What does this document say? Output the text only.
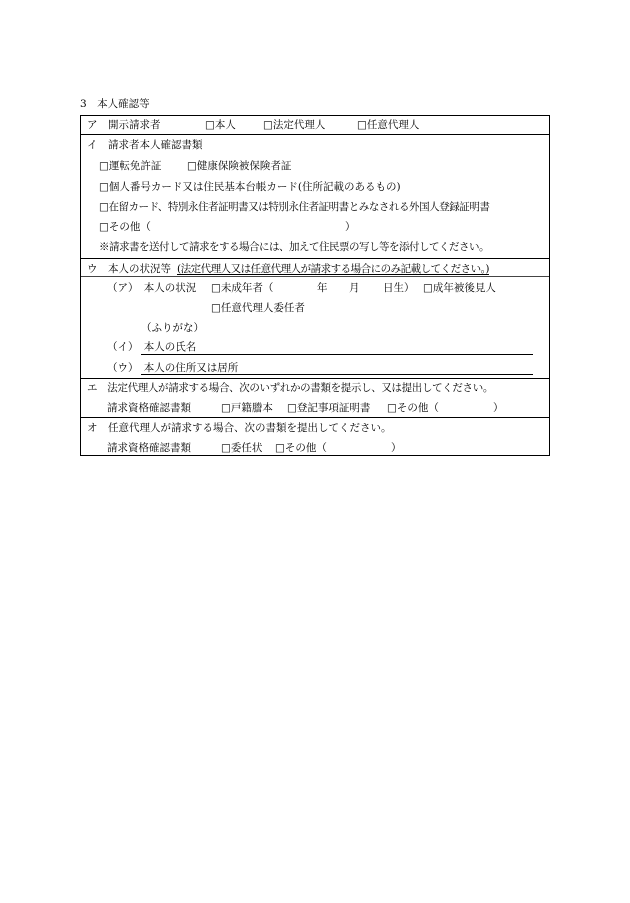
3　本人確認等
ア　開示請求者	□本人	□法定代理人	□任意代理人
イ　請求者本人確認書類
□運転免許証 □健康保険被保険者証
□個人番号カード又は住民基本台帳カード(住所記載のあるもの)
□在留カード、特別永住者証明書又は特別永住者証明書とみなされる外国人登録証明書
□その他（	）
※請求書を送付して請求をする場合には、加えて住民票の写し等を添付してください。
ウ　本人の状況等 (法定代理人又は任意代理人が請求する場合にのみ記載してください。)
（ア）　本人の状況 □未成年者（	年 月 日生） □成年被後見人
□任意代理人委任者
（ふりがな）
（イ）　本人の氏名
（ウ）　本人の住所又は居所
エ　法定代理人が請求する場合、次のいずれかの書類を提示し、又は提出してください。
請求資格確認書類	□戸籍謄本 □登記事項証明書 □その他（	）
オ　任意代理人が請求する場合、次の書類を提出してください。
請求資格確認書類	□委任状 □その他（	）
